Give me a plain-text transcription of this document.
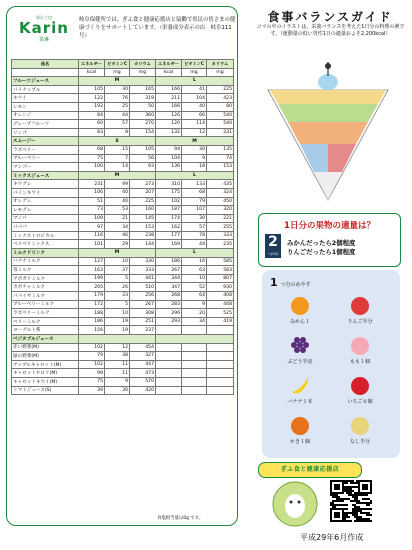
果汁工房
Karin
果琳
岐阜保健所では、ぎふ食と健康応援店と協働で県民の皆さまの健康づくりをサポートしています。（栄養成分表示の店　岐阜111号）
品名	エネルギー	ビタミンC	カリウム	エネルギー	ビタミンC	カリウム
	kcal	mg	mg	kcal	mg	mg
フルーツジュース	M			L		
パイナップル	105	30	165	166	41	225
キウイ	122	76	319	211	104	423
レモン	192	25	50	166	40	80
オレンジ	84	44	360	126	66	540
グレープフルーツ	60	57	270	120	114	540
リンゴ	83	8	154	132	12	231
スムージー	S			M		
ラズベリー	68	15	105	94	30	135
ブルーベリー	75	7	56	104	9	74
マンゴー	100	14	93	136	18	153
ミックスジュース	M			L		
キウグレ	231	99	273	310	133	435
パインキウイ	106	40	207	175	68	324
オレグレ	51	40	225	102	79	450
レモグレ	73	53	160	187	107	320
マンパ	109	21	145	174	30	221
パパパ	97	34	153	162	57	255
ミックストロピカル	116	46	238	177	78	333
ベリベリミックス	101	29	144	169	44	235
ミルクドリンク	M			L		
バナナミルク	127	10	330	186	16	585
苺ミルク	163	37	333	267	63	583
アボガドミルク	199	5	441	344	10	807
カボチャミルク	205	26	510	347	52	930
パパイヤミルク	179	33	256	268	64	408
ブルーベリーミルク	172	5	267	283	9	448
ラズベリーミルク	188	10	308	296	20	525
ベリーミルク	186	19	251	293	34	419
ヨーグルト系	156	19	237			
ベジタブルジュース						
赤い野菜(M)	102	12	454			
緑の野菜(M)	79	38	327			
アップルキャロット(M)	102	11	447			
キャロットセロリ(M)	99	11	473			
キャロットキウイ(M)	75	9	570			
トマトジュース(S)	39	30	420			
食塩相当量は0g です。
食事バランスガイド
コマの中のイラストは、栄養バランスを考えた1日分の料理の例です。（運動量の低い男性1日の適量およそ2,200kcal）
1日分の果物の適量は？
2
つ(SV)
みかんだったら2個程度
りんごだったら1個程度
1 つ分のめやす
みかん１	りんご半分
ぶどう半房	もも１個
バナナ１本	いちご６個
かき１個	なし半分
ぎふ食と健康応援店
平成29年6月作成
